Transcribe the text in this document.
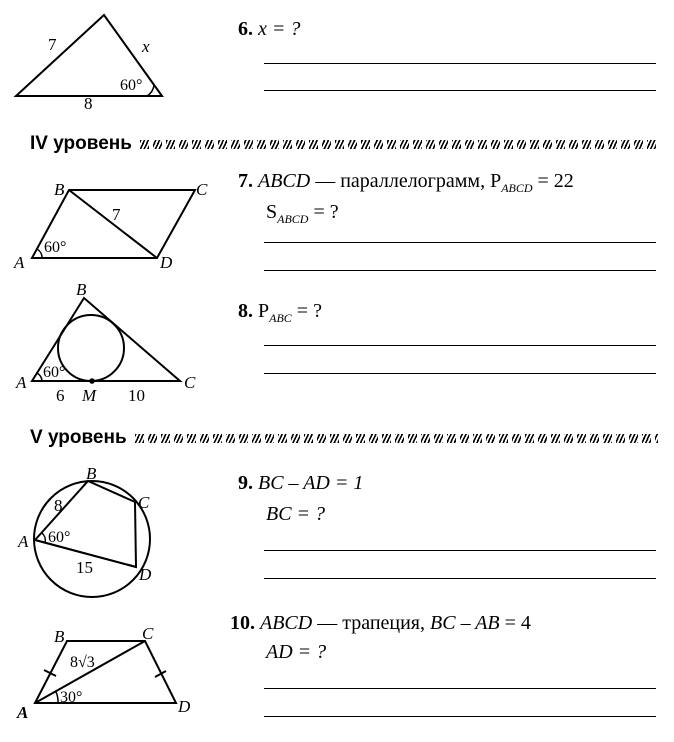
7	x
8
60°
6. x = ?
IV уровень
A
B	C
D
7
60°
7. ABCD — параллелограмм, $P_{ABCD} = 22$
$S_{ABCD}$ = ?
A
B
C
M
6	10
60°
8. $P_{ABC}$ = ?
V уровень
A
B
C
D
8
15
60°
9. BC – AD = 1
BC = ?
A
B	C
D
8√3
30°
10. ABCD — трапеция, BC – AB = 4
AD = ?
